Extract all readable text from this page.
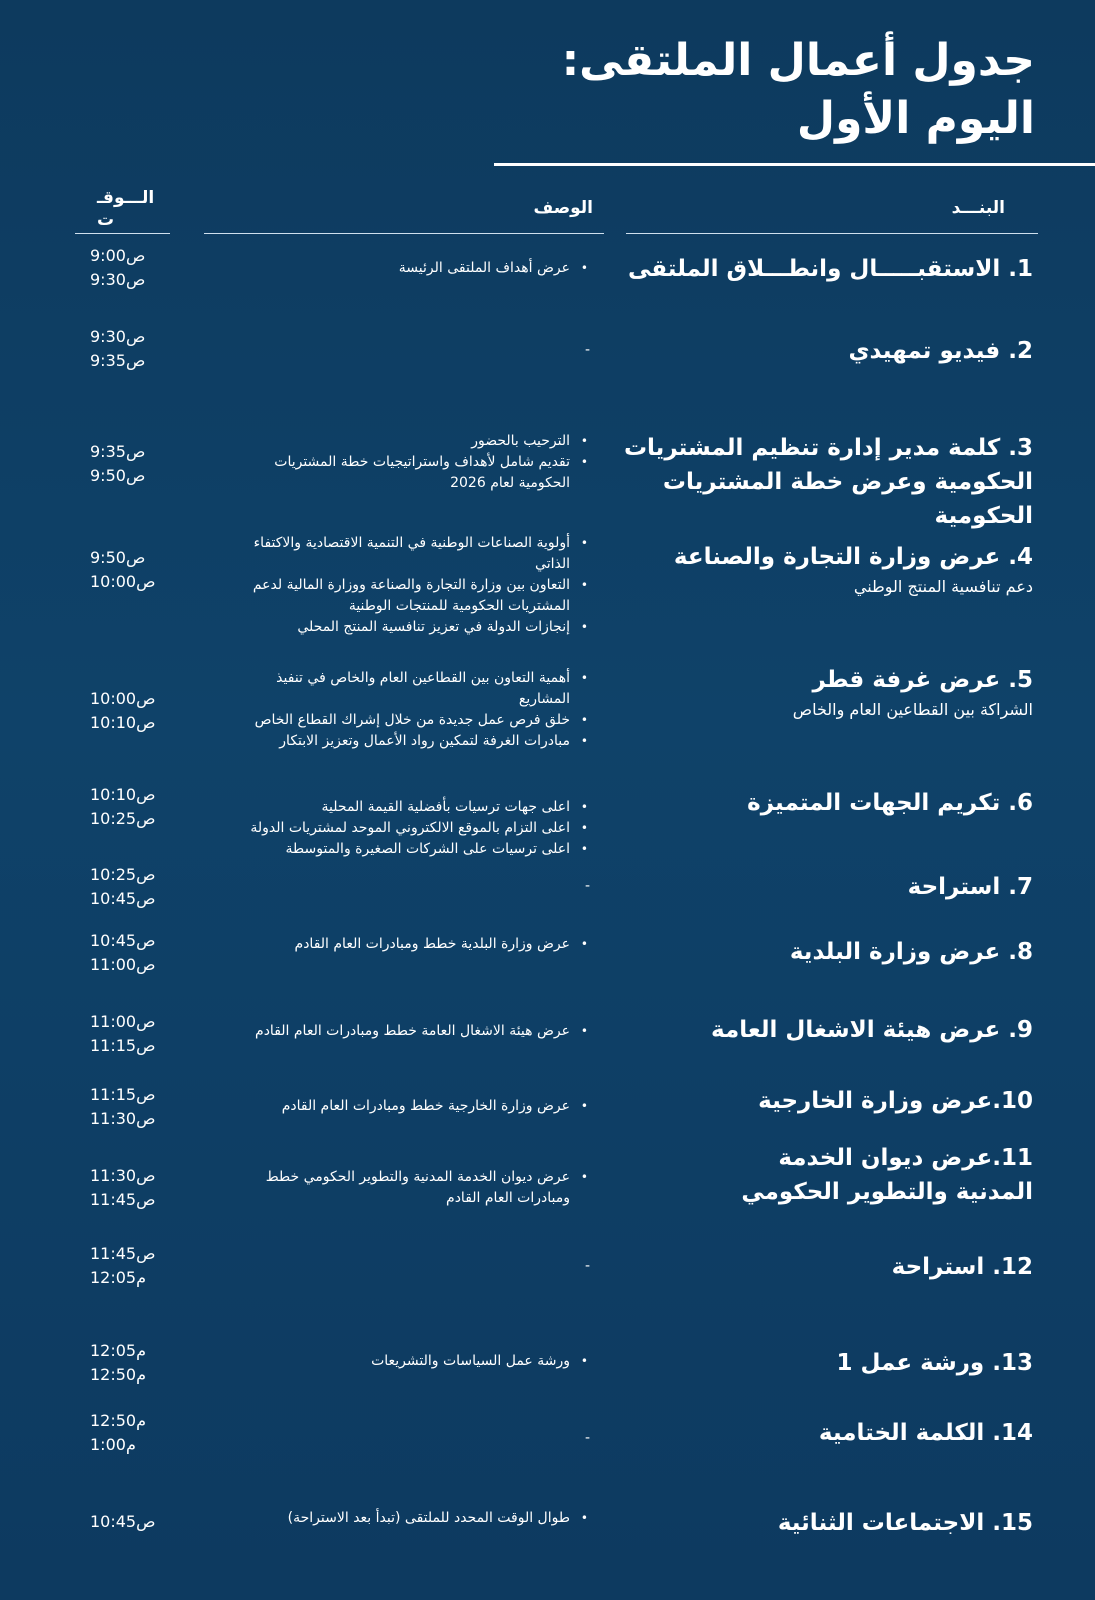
جدول أعمال الملتقى: اليوم الأول
البنـــد
الوصف
الـــوقـ ت
1. الاستقبـــــال وانطـــلاق الملتقى
• عرض أهداف الملتقى الرئيسة
9:00ص
9:30ص
2. فيديو تمهيدي
-
9:30ص
9:35ص
3. كلمة مدير إدارة تنظيم المشتريات الحكومية وعرض خطة المشتريات الحكومية
• الترحيب بالحضور
• تقديم شامل لأهداف واستراتيجيات خطة المشتريات الحكومية لعام 2026
9:35ص
9:50ص
4. عرض وزارة التجارة والصناعة
دعم تنافسية المنتج الوطني
• أولوية الصناعات الوطنية في التنمية الاقتصادية والاكتفاء الذاتي
• التعاون بين وزارة التجارة والصناعة ووزارة المالية لدعم المشتريات الحكومية للمنتجات الوطنية
• إنجازات الدولة في تعزيز تنافسية المنتج المحلي
9:50ص
10:00ص
5. عرض غرفة قطر
الشراكة بين القطاعين العام والخاص
• أهمية التعاون بين القطاعين العام والخاص في تنفيذ المشاريع
• خلق فرص عمل جديدة من خلال إشراك القطاع الخاص
• مبادرات الغرفة لتمكين رواد الأعمال وتعزيز الابتكار
10:00ص
10:10ص
6. تكريم الجهات المتميزة
• اعلى جهات ترسيات بأفضلية القيمة المحلية
• اعلى التزام بالموقع الالكتروني الموحد لمشتريات الدولة
• اعلى ترسيات على الشركات الصغيرة والمتوسطة
10:10ص
10:25ص
7. استراحة
-
10:25ص
10:45ص
8. عرض وزارة البلدية
• عرض وزارة البلدية خطط ومبادرات العام القادم
10:45ص
11:00ص
9. عرض هيئة الاشغال العامة
• عرض هيئة الاشغال العامة خطط ومبادرات العام القادم
11:00ص
11:15ص
10.عرض وزارة الخارجية
• عرض وزارة الخارجية خطط ومبادرات العام القادم
11:15ص
11:30ص
11.عرض ديوان الخدمة المدنية والتطوير الحكومي
• عرض ديوان الخدمة المدنية والتطوير الحكومي خطط ومبادرات العام القادم
11:30ص
11:45ص
12. استراحة
-
11:45ص
12:05م
13. ورشة عمل 1
• ورشة عمل السياسات والتشريعات
12:05م
12:50م
14. الكلمة الختامية
-
12:50م
1:00م
15. الاجتماعات الثنائية
• طوال الوقت المحدد للملتقى (تبدأ بعد الاستراحة)
10:45ص
